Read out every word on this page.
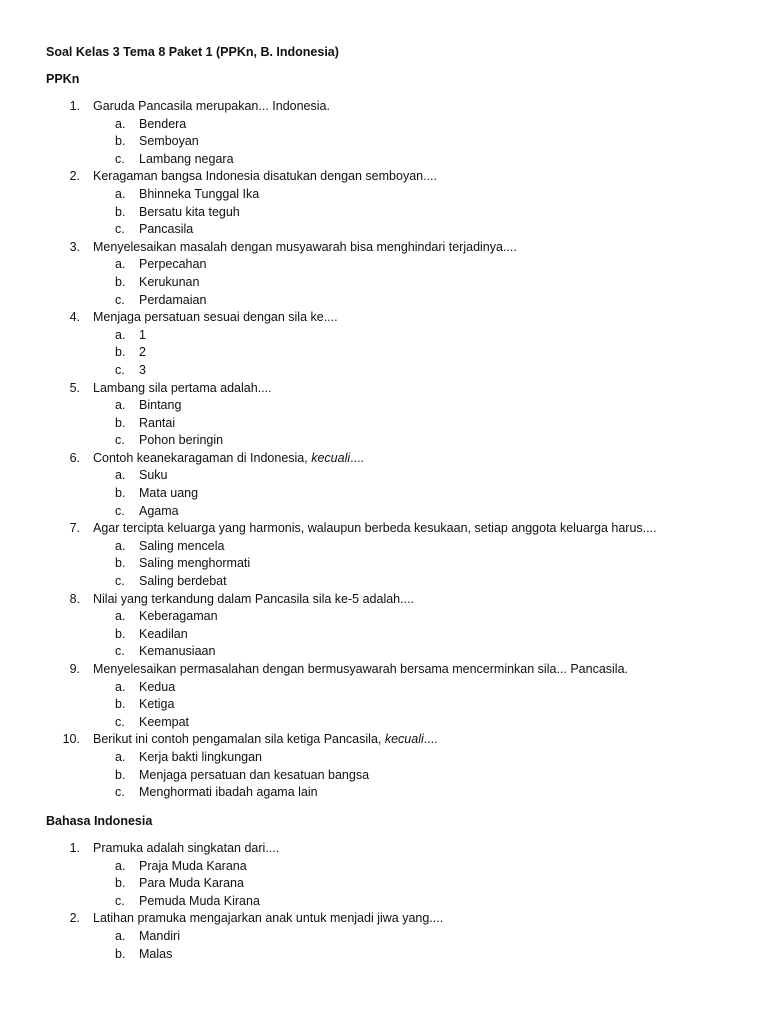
Soal Kelas 3 Tema 8 Paket 1 (PPKn, B. Indonesia)
PPKn
1. Garuda Pancasila merupakan... Indonesia.
a. Bendera
b. Semboyan
c. Lambang negara
2. Keragaman bangsa Indonesia disatukan dengan semboyan....
a. Bhinneka Tunggal Ika
b. Bersatu kita teguh
c. Pancasila
3. Menyelesaikan masalah dengan musyawarah bisa menghindari terjadinya....
a. Perpecahan
b. Kerukunan
c. Perdamaian
4. Menjaga persatuan sesuai dengan sila ke....
a. 1
b. 2
c. 3
5. Lambang sila pertama adalah....
a. Bintang
b. Rantai
c. Pohon beringin
6. Contoh keanekaragaman di Indonesia, kecuali....
a. Suku
b. Mata uang
c. Agama
7. Agar tercipta keluarga yang harmonis, walaupun berbeda kesukaan, setiap anggota keluarga harus....
a. Saling mencela
b. Saling menghormati
c. Saling berdebat
8. Nilai yang terkandung dalam Pancasila sila ke-5 adalah....
a. Keberagaman
b. Keadilan
c. Kemanusiaan
9. Menyelesaikan permasalahan dengan bermusyawarah bersama mencerminkan sila... Pancasila.
a. Kedua
b. Ketiga
c. Keempat
10. Berikut ini contoh pengamalan sila ketiga Pancasila, kecuali....
a. Kerja bakti lingkungan
b. Menjaga persatuan dan kesatuan bangsa
c. Menghormati ibadah agama lain
Bahasa Indonesia
1. Pramuka adalah singkatan dari....
a. Praja Muda Karana
b. Para Muda Karana
c. Pemuda Muda Kirana
2. Latihan pramuka mengajarkan anak untuk menjadi jiwa yang....
a. Mandiri
b. Malas
